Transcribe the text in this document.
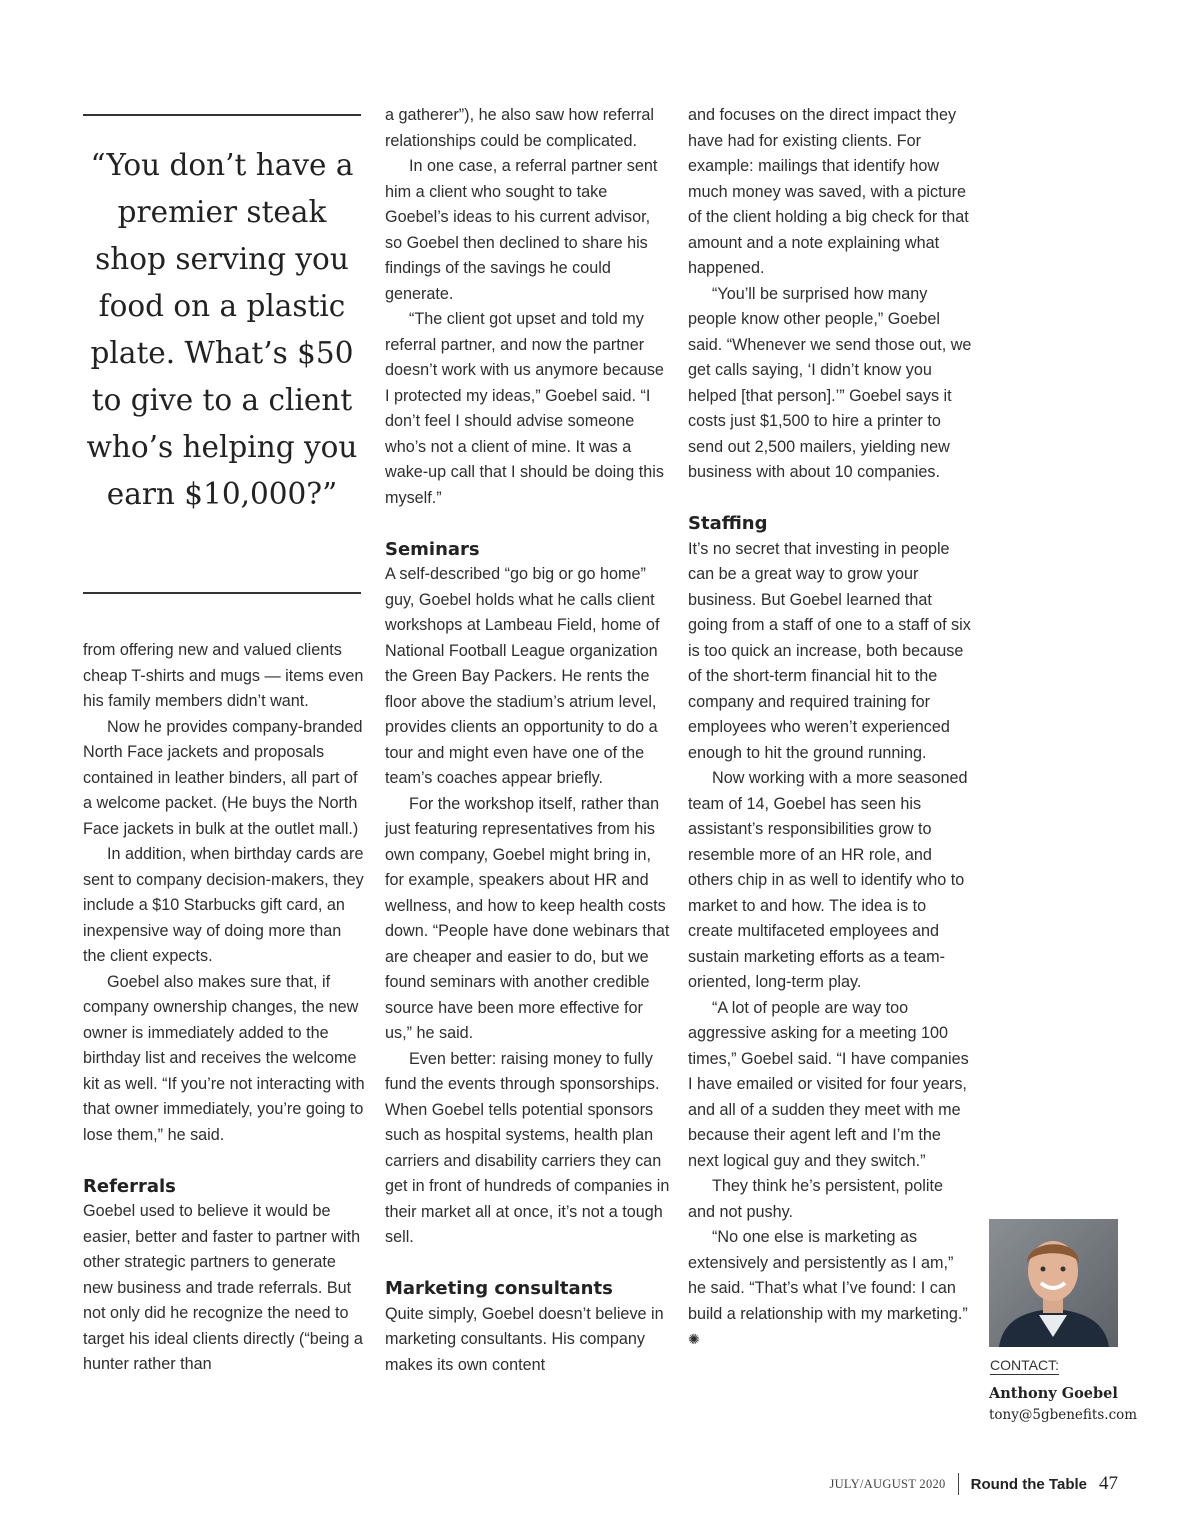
“You don’t have a premier steak shop serving you food on a plastic plate. What’s $50 to give to a client who’s helping you earn $10,000?”

from offering new and valued clients cheap T-shirts and mugs — items even his family members didn’t want.

Now he provides company-branded North Face jackets and proposals contained in leather binders, all part of a welcome packet. (He buys the North Face jackets in bulk at the outlet mall.)

In addition, when birthday cards are sent to company decision-makers, they include a $10 Starbucks gift card, an inexpensive way of doing more than the client expects.

Goebel also makes sure that, if company ownership changes, the new owner is immediately added to the birthday list and receives the welcome kit as well. “If you’re not interacting with that owner immediately, you’re going to lose them,” he said.

Referrals

Goebel used to believe it would be easier, better and faster to partner with other strategic partners to generate new business and trade referrals. But not only did he recognize the need to target his ideal clients directly (“being a hunter rather than

a gatherer”), he also saw how referral relationships could be complicated.

In one case, a referral partner sent him a client who sought to take Goebel’s ideas to his current advisor, so Goebel then declined to share his findings of the savings he could generate.

“The client got upset and told my referral partner, and now the partner doesn’t work with us anymore because I protected my ideas,” Goebel said. “I don’t feel I should advise someone who’s not a client of mine. It was a wake-up call that I should be doing this myself.”

Seminars

A self-described “go big or go home” guy, Goebel holds what he calls client workshops at Lambeau Field, home of National Football League organization the Green Bay Packers. He rents the floor above the stadium’s atrium level, provides clients an opportunity to do a tour and might even have one of the team’s coaches appear briefly.

For the workshop itself, rather than just featuring representatives from his own company, Goebel might bring in, for example, speakers about HR and wellness, and how to keep health costs down. “People have done webinars that are cheaper and easier to do, but we found seminars with another credible source have been more effective for us,” he said.

Even better: raising money to fully fund the events through sponsorships. When Goebel tells potential sponsors such as hospital systems, health plan carriers and disability carriers they can get in front of hundreds of companies in their market all at once, it’s not a tough sell.

Marketing consultants

Quite simply, Goebel doesn’t believe in marketing consultants. His company makes its own content

and focuses on the direct impact they have had for existing clients. For example: mailings that identify how much money was saved, with a picture of the client holding a big check for that amount and a note explaining what happened.

“You’ll be surprised how many people know other people,” Goebel said. “Whenever we send those out, we get calls saying, ‘I didn’t know you helped [that person].’” Goebel says it costs just $1,500 to hire a printer to send out 2,500 mailers, yielding new business with about 10 companies.

Staffing

It’s no secret that investing in people can be a great way to grow your business. But Goebel learned that going from a staff of one to a staff of six is too quick an increase, both because of the short-term financial hit to the company and required training for employees who weren’t experienced enough to hit the ground running.

Now working with a more seasoned team of 14, Goebel has seen his assistant’s responsibilities grow to resemble more of an HR role, and others chip in as well to identify who to market to and how. The idea is to create multifaceted employees and sustain marketing efforts as a team-oriented, long-term play.

“A lot of people are way too aggressive asking for a meeting 100 times,” Goebel said. “I have companies I have emailed or visited for four years, and all of a sudden they meet with me because their agent left and I’m the next logical guy and they switch.”

They think he’s persistent, polite and not pushy.

“No one else is marketing as extensively and persistently as I am,” he said. “That’s what I’ve found: I can build a relationship with my marketing.” ✺

CONTACT:
Anthony Goebel
tony@5gbenefits.com
JULY/AUGUST 2020 Round the Table 47
